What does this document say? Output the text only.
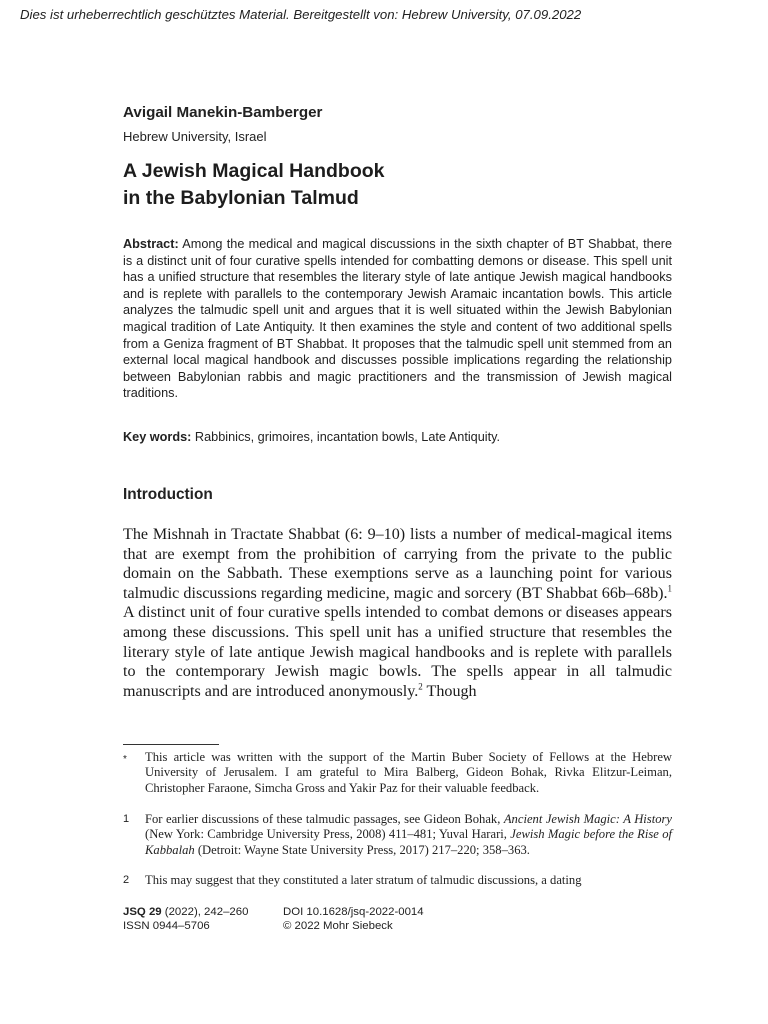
Dies ist urheberrechtlich geschütztes Material. Bereitgestellt von: Hebrew University, 07.09.2022
Avigail Manekin-Bamberger
Hebrew University, Israel
A Jewish Magical Handbook
in the Babylonian Talmud
Abstract: Among the medical and magical discussions in the sixth chapter of BT Shabbat, there is a distinct unit of four curative spells intended for combatting demons or disease. This spell unit has a unified structure that resembles the literary style of late antique Jewish magical handbooks and is replete with parallels to the contemporary Jewish Aramaic incantation bowls. This article analyzes the talmudic spell unit and argues that it is well situated within the Jewish Babylonian magical tradition of Late Antiquity. It then examines the style and content of two additional spells from a Geniza fragment of BT Shabbat. It proposes that the talmudic spell unit stemmed from an external local magical handbook and discusses possible implications regarding the relationship between Babylonian rabbis and magic practitioners and the transmission of Jewish magical traditions.
Key words: Rabbinics, grimoires, incantation bowls, Late Antiquity.
Introduction
The Mishnah in Tractate Shabbat (6: 9–10) lists a number of medical-magical items that are exempt from the prohibition of carrying from the private to the public domain on the Sabbath. These exemptions serve as a launching point for various talmudic discussions regarding medicine, magic and sorcery (BT Shabbat 66b–68b).$^1$ A distinct unit of four curative spells intended to combat demons or diseases appears among these discussions. This spell unit has a unified structure that resembles the literary style of late antique Jewish magical handbooks and is replete with parallels to the contemporary Jewish magic bowls. The spells appear in all talmudic manuscripts and are introduced anonymously.$^2$ Though
*	This article was written with the support of the Martin Buber Society of Fellows at the Hebrew University of Jerusalem. I am grateful to Mira Balberg, Gideon Bohak, Rivka Elitzur-Leiman, Christopher Faraone, Simcha Gross and Yakir Paz for their valuable feedback.
1	For earlier discussions of these talmudic passages, see Gideon Bohak, Ancient Jewish Magic: A History (New York: Cambridge University Press, 2008) 411–481; Yuval Harari, Jewish Magic before the Rise of Kabbalah (Detroit: Wayne State University Press, 2017) 217–220; 358–363.
2	This may suggest that they constituted a later stratum of talmudic discussions, a dating
JSQ 29 (2022), 242–260
ISSN 0944–5706
DOI 10.1628/jsq-2022-0014
© 2022 Mohr Siebeck
